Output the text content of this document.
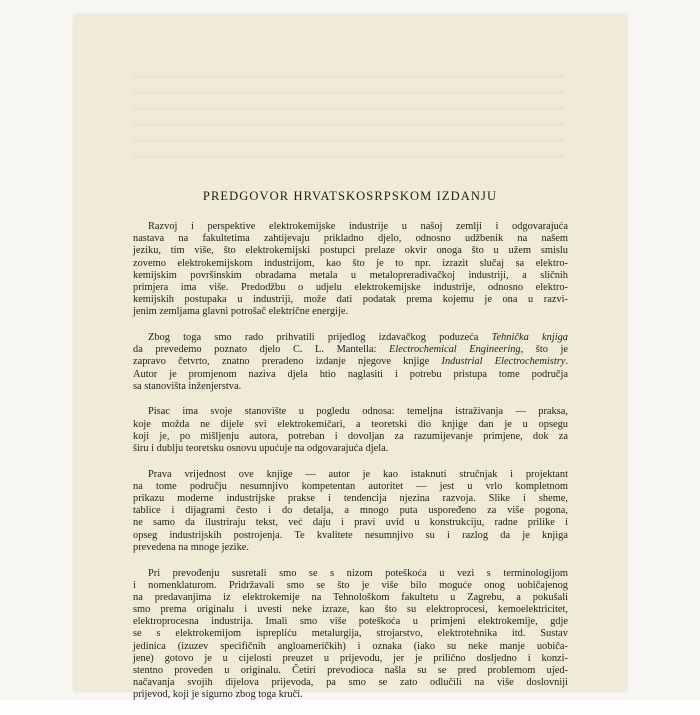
PREDGOVOR HRVATSKOSRPSKOM IZDANJU
Razvoj i perspektive elektrokemijske industrije u našoj zemlji i odgovarajuća
nastava na fakultetima zahtijevaju prikladno djelo, odnosno udžbenik na našem
jeziku, tim više, što elektrokemijski postupci prelaze okvir onoga što u užem smislu
zovemo elektrokemijskom industrijom, kao što je to npr. izrazit slučaj sa elektro-
kemijskim površinskim obradama metala u metalopreradivačkoj industriji, a sličnih
primjera ima više. Predodžbu o udjelu elektrokemijske industrije, odnosno elektro-
kemijskih postupaka u industriji, može dati podatak prema kojemu je ona u razvi-
jenim zemljama glavni potrošač električne energije.
Zbog toga smo rado prihvatili prijedlog izdavačkog poduzeća Tehnička knjiga
da prevedemo poznato djelo C. L. Mantella: Electrochemical Engineering, što je
zapravo četvrto, znatno preradeno izdanje njegove knjige Industrial Electrochemistry.
Autor je promjenom naziva djela htio naglasiti i potrebu pristupa tome područja
sa stanovišta inženjerstva.
Pisac ima svoje stanovište u pogledu odnosa: temeljna istraživanja — praksa,
koje možda ne dijele svi elektrokemičari, a teoretski dio knjige dan je u opsegu
koji je, po mišljenju autora, potreban i dovoljan za razumijevanje primjene, dok za
širu i dublju teoretsku osnovu upućuje na odgovarajuća djela.
Prava vrijednost ove knjige — autor je kao istaknuti stručnjak i projektant
na tome području nesumnjivo kompetentan autoritet — jest u vrlo kompletnom
prikazu moderne industrijske prakse i tendencija njezina razvoja. Slike i sheme,
tablice i dijagrami često i do detalja, a mnogo puta uspoređeno za više pogona,
ne samo da ilustriraju tekst, već daju i pravi uvid u konstrukciju, radne prilike i
opseg industrijskih postrojenja. Te kvalitete nesumnjivo su i razlog da je knjiga
prevedena na mnoge jezike.
Pri prevođenju susretali smo se s nizom poteškoća u vezi s terminologijom
i nomenklaturom. Pridržavali smo se što je više bilo moguće onog uobičajenog
na predavanjima iz elektrokemije na Tehnološkom fakultetu u Zagrebu, a pokušali
smo prema originalu i uvesti neke izraze, kao što su elektroprocesi, kemoelektricitet,
elektroprocesna industrija. Imali smo više poteškoća u primjeni elektrokemije, gdje
se s elektrokemijom isprepliću metalurgija, strojarstvo, elektrotehnika itd. Sustav
jedinica (izuzev specifičnih angloameričkih) i oznaka (iako su neke manje uobiča-
jene) gotovo je u cijelosti preuzet u prijevodu, jer je prilično dosljedno i konzi-
stentno proveden u originalu. Četiri prevodioca našla su se pred problemom ujed-
načavanja svojih dijelova prijevoda, pa smo se zato odlučili na više doslovniji
prijevod, koji je sigurno zbog toga kruči.
